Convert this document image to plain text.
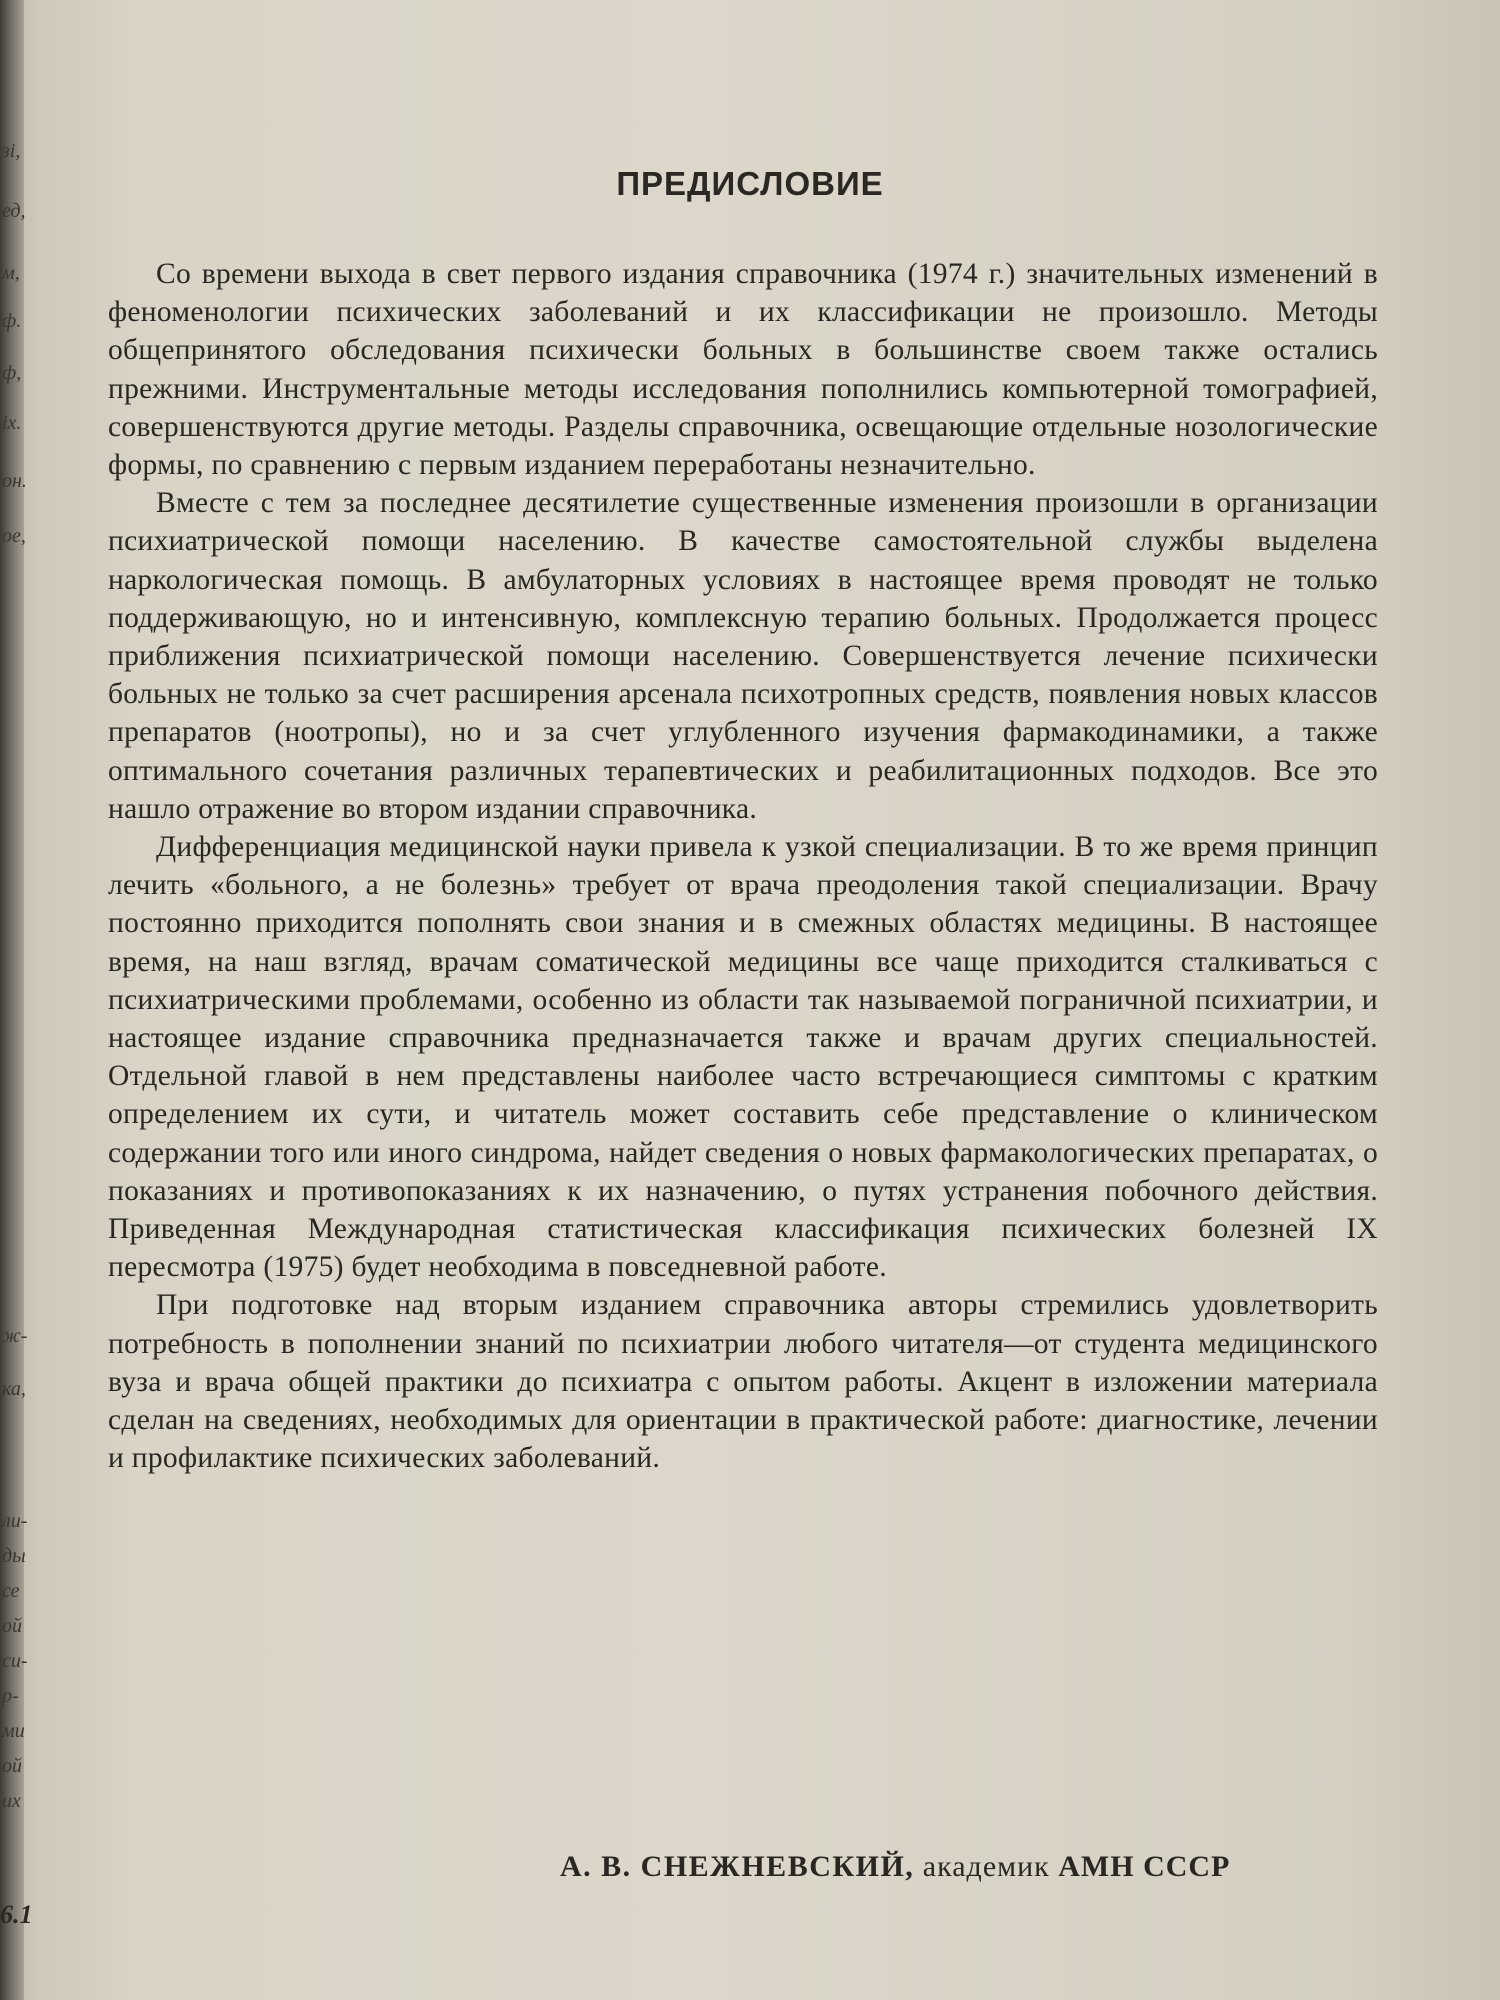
зі,
ед,
м,
ф.
ф,
іх.
он.
ое,
ж-
ка,
ли-
ды
се
ой
си-
р-
ми
ой
их
ПРЕДИСЛОВИЕ

Со времени выхода в свет первого издания справочника (1974 г.) значительных изменений в феноменологии психических заболеваний и их классификации не произошло. Методы общепринятого обследования психически больных в большинстве своем также остались прежними. Инструментальные методы исследования пополнились компьютерной томографией, совершенствуются другие методы. Разделы справочника, освещающие отдельные нозологические формы, по сравнению с первым изданием переработаны незначительно.

Вместе с тем за последнее десятилетие существенные изменения произошли в организации психиатрической помощи населению. В качестве самостоятельной службы выделена наркологическая помощь. В амбулаторных условиях в настоящее время проводят не только поддерживающую, но и интенсивную, комплексную терапию больных. Продолжается процесс приближения психиатрической помощи населению. Совершенствуется лечение психически больных не только за счет расширения арсенала психотропных средств, появления новых классов препаратов (ноотропы), но и за счет углубленного изучения фармакодинамики, а также оптимального сочетания различных терапевтических и реабилитационных подходов. Все это нашло отражение во втором издании справочника.

Дифференциация медицинской науки привела к узкой специализации. В то же время принцип лечить «больного, а не болезнь» требует от врача преодоления такой специализации. Врачу постоянно приходится пополнять свои знания и в смежных областях медицины. В настоящее время, на наш взгляд, врачам соматической медицины все чаще приходится сталкиваться с психиатрическими проблемами, особенно из области так называемой пограничной психиатрии, и настоящее издание справочника предназначается также и врачам других специальностей. Отдельной главой в нем представлены наиболее часто встречающиеся симптомы с кратким определением их сути, и читатель может составить себе представление о клиническом содержании того или иного синдрома, найдет сведения о новых фармакологических препаратах, о показаниях и противопоказаниях к их назначению, о путях устранения побочного действия. Приведенная Международная статистическая классификация психических болезней IX пересмотра (1975) будет необходима в повседневной работе.

При подготовке над вторым изданием справочника авторы стремились удовлетворить потребность в пополнении знаний по психиатрии любого читателя—от студента медицинского вуза и врача общей практики до психиатра с опытом работы. Акцент в изложении материала сделан на сведениях, необходимых для ориентации в практической работе: диагностике, лечении и профилактике психических заболеваний.

А. В. СНЕЖНЕВСКИЙ, академик АМН СССР
6.1
